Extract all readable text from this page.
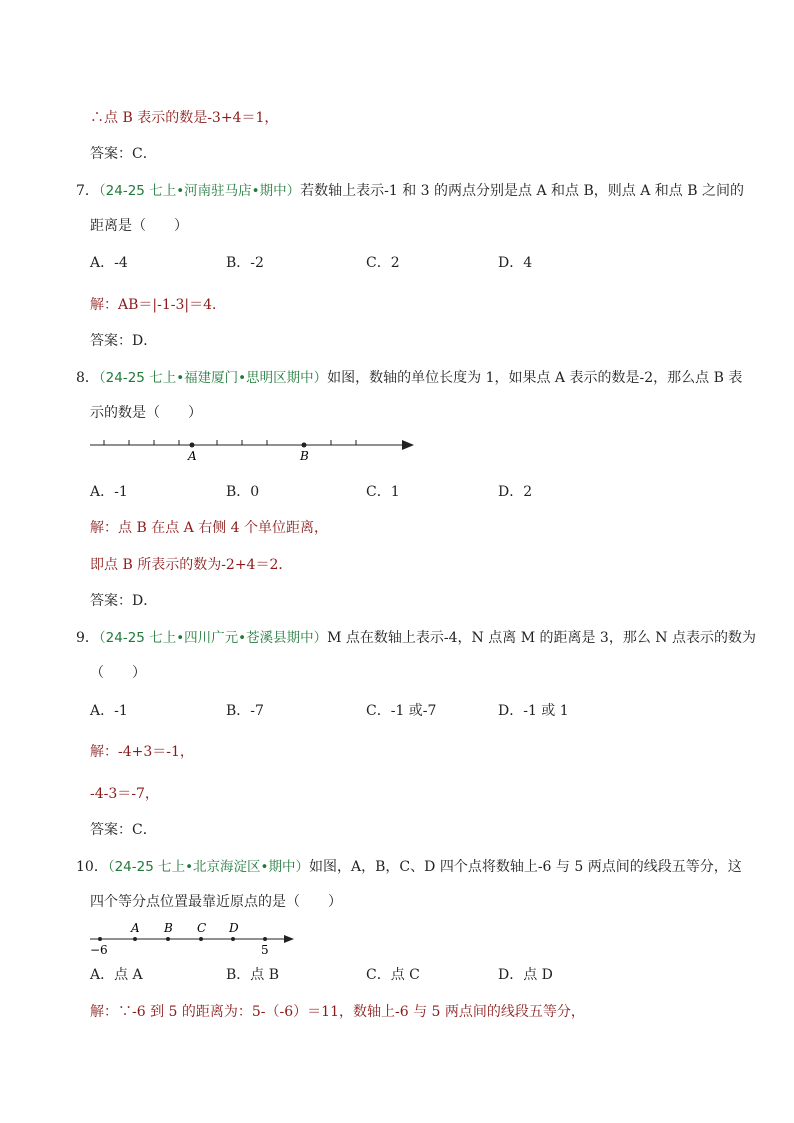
∴点 B 表示的数是-3+4＝1，
答案：C．
7．（24-25 七上•河南驻马店•期中）若数轴上表示-1 和 3 的两点分别是点 A 和点 B，则点 A 和点 B 之间的
距离是（　　）
A．-4	B．-2	C．2	D．4
解：AB＝|-1-3|＝4．
答案：D．
8．（24-25 七上•福建厦门•思明区期中）如图，数轴的单位长度为 1，如果点 A 表示的数是-2，那么点 B 表
示的数是（　　）
A	B
A．-1	B．0	C．1	D．2
解：点 B 在点 A 右侧 4 个单位距离，
即点 B 所表示的数为-2+4＝2．
答案：D．
9．（24-25 七上•四川广元•苍溪县期中）M 点在数轴上表示-4，N 点离 M 的距离是 3，那么 N 点表示的数为
（　　）
A．-1	B．-7	C．-1 或-7	D．-1 或 1
解：-4+3＝-1，
-4-3＝-7，
答案：C．
10．（24-25 七上•北京海淀区•期中）如图，A，B，C、D 四个点将数轴上-6 与 5 两点间的线段五等分，这
四个等分点位置最靠近原点的是（　　）
A B C D
−6	5
A．点 A	B．点 B	C．点 C	D．点 D
解：∵-6 到 5 的距离为：5-（-6）＝11，数轴上-6 与 5 两点间的线段五等分，
